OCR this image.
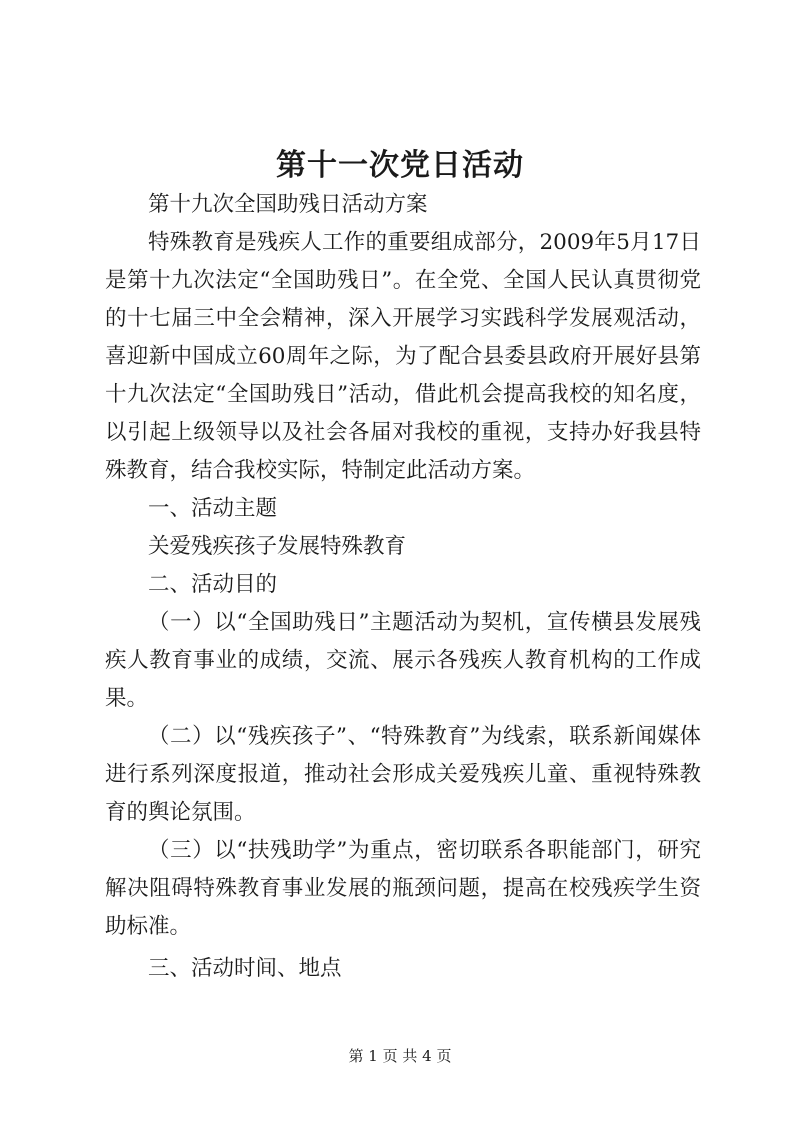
第十一次党日活动

第十九次全国助残日活动方案

特殊教育是残疾人工作的重要组成部分，2009年5月17日是第十九次法定“全国助残日”。在全党、全国人民认真贯彻党的十七届三中全会精神，深入开展学习实践科学发展观活动，喜迎新中国成立60周年之际，为了配合县委县政府开展好县第十九次法定“全国助残日”活动，借此机会提高我校的知名度，以引起上级领导以及社会各届对我校的重视，支持办好我县特殊教育，结合我校实际，特制定此活动方案。

一、活动主题

关爱残疾孩子发展特殊教育

二、活动目的

（一）以“全国助残日”主题活动为契机，宣传横县发展残疾人教育事业的成绩，交流、展示各残疾人教育机构的工作成果。

（二）以“残疾孩子”、“特殊教育”为线索，联系新闻媒体进行系列深度报道，推动社会形成关爱残疾儿童、重视特殊教育的舆论氛围。

（三）以“扶残助学”为重点，密切联系各职能部门，研究解决阻碍特殊教育事业发展的瓶颈问题，提高在校残疾学生资助标准。

三、活动时间、地点

第 1 页 共 4 页
